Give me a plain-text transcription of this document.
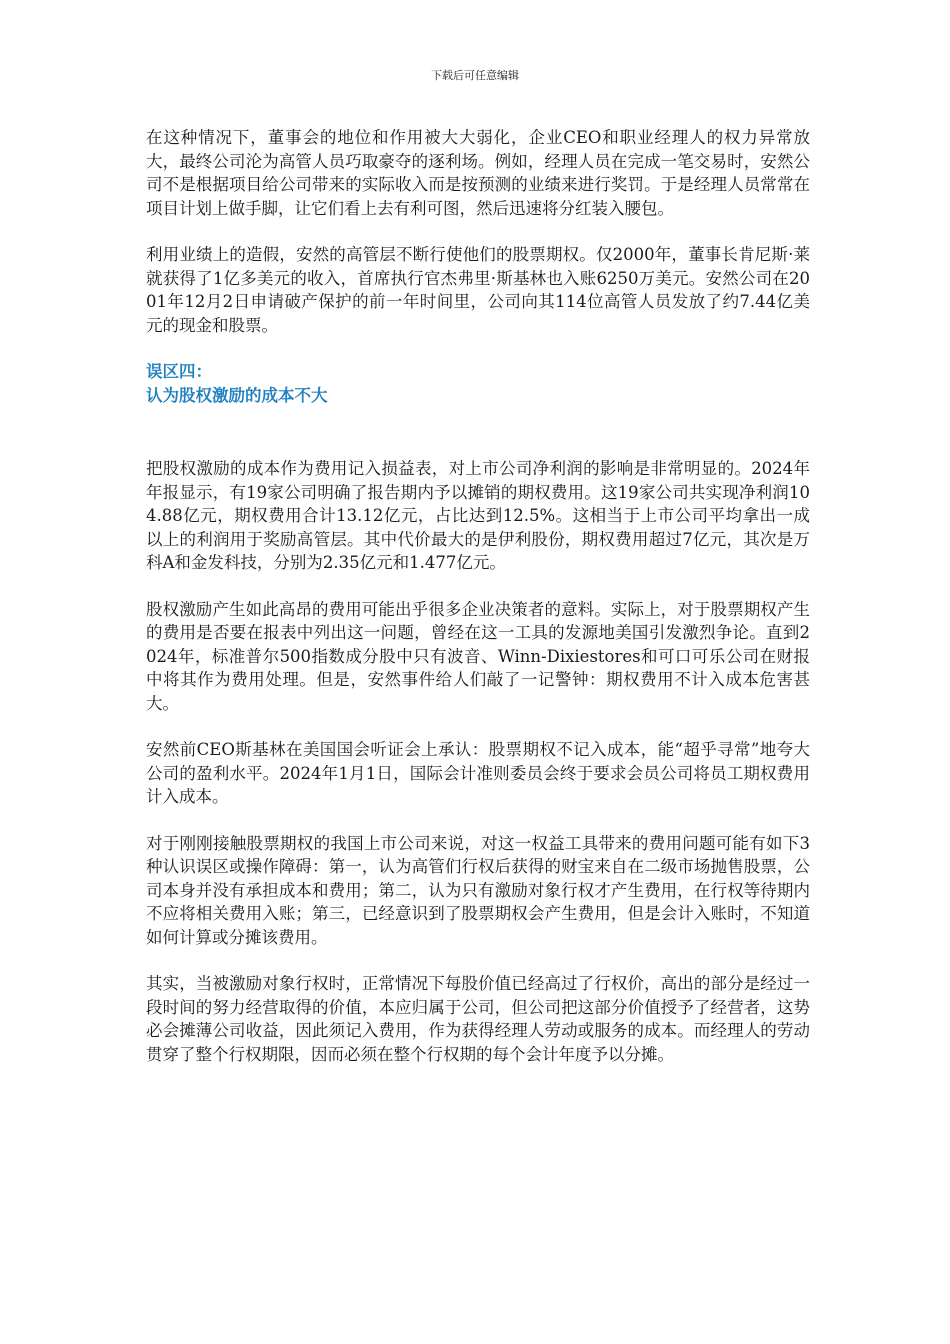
下载后可任意编辑

在这种情况下，董事会的地位和作用被大大弱化，企业CEO和职业经理人的权力异常放大，最终公司沦为高管人员巧取豪夺的逐利场。例如，经理人员在完成一笔交易时，安然公司不是根据项目给公司带来的实际收入而是按预测的业绩来进行奖罚。于是经理人员常常在项目计划上做手脚，让它们看上去有利可图，然后迅速将分红装入腰包。

利用业绩上的造假，安然的高管层不断行使他们的股票期权。仅2000年，董事长肯尼斯·莱就获得了1亿多美元的收入，首席执行官杰弗里·斯基林也入账6250万美元。安然公司在2001年12月2日申请破产保护的前一年时间里，公司向其114位高管人员发放了约7.44亿美元的现金和股票。

误区四：

认为股权激励的成本不大

把股权激励的成本作为费用记入损益表，对上市公司净利润的影响是非常明显的。2024年年报显示，有19家公司明确了报告期内予以摊销的期权费用。这19家公司共实现净利润104.88亿元，期权费用合计13.12亿元，占比达到12.5%。这相当于上市公司平均拿出一成以上的利润用于奖励高管层。其中代价最大的是伊利股份，期权费用超过7亿元，其次是万科A和金发科技，分别为2.35亿元和1.477亿元。

股权激励产生如此高昂的费用可能出乎很多企业决策者的意料。实际上，对于股票期权产生的费用是否要在报表中列出这一问题，曾经在这一工具的发源地美国引发激烈争论。直到2024年，标准普尔500指数成分股中只有波音、Winn-Dixiestores和可口可乐公司在财报中将其作为费用处理。但是，安然事件给人们敲了一记警钟：期权费用不计入成本危害甚大。

安然前CEO斯基林在美国国会听证会上承认：股票期权不记入成本，能“超乎寻常”地夸大公司的盈利水平。2024年1月1日，国际会计准则委员会终于要求会员公司将员工期权费用计入成本。

对于刚刚接触股票期权的我国上市公司来说，对这一权益工具带来的费用问题可能有如下3种认识误区或操作障碍：第一，认为高管们行权后获得的财宝来自在二级市场抛售股票，公司本身并没有承担成本和费用；第二，认为只有激励对象行权才产生费用，在行权等待期内不应将相关费用入账；第三，已经意识到了股票期权会产生费用，但是会计入账时，不知道如何计算或分摊该费用。

其实，当被激励对象行权时，正常情况下每股价值已经高过了行权价，高出的部分是经过一段时间的努力经营取得的价值，本应归属于公司，但公司把这部分价值授予了经营者，这势必会摊薄公司收益，因此须记入费用，作为获得经理人劳动或服务的成本。而经理人的劳动贯穿了整个行权期限，因而必须在整个行权期的每个会计年度予以分摊。
